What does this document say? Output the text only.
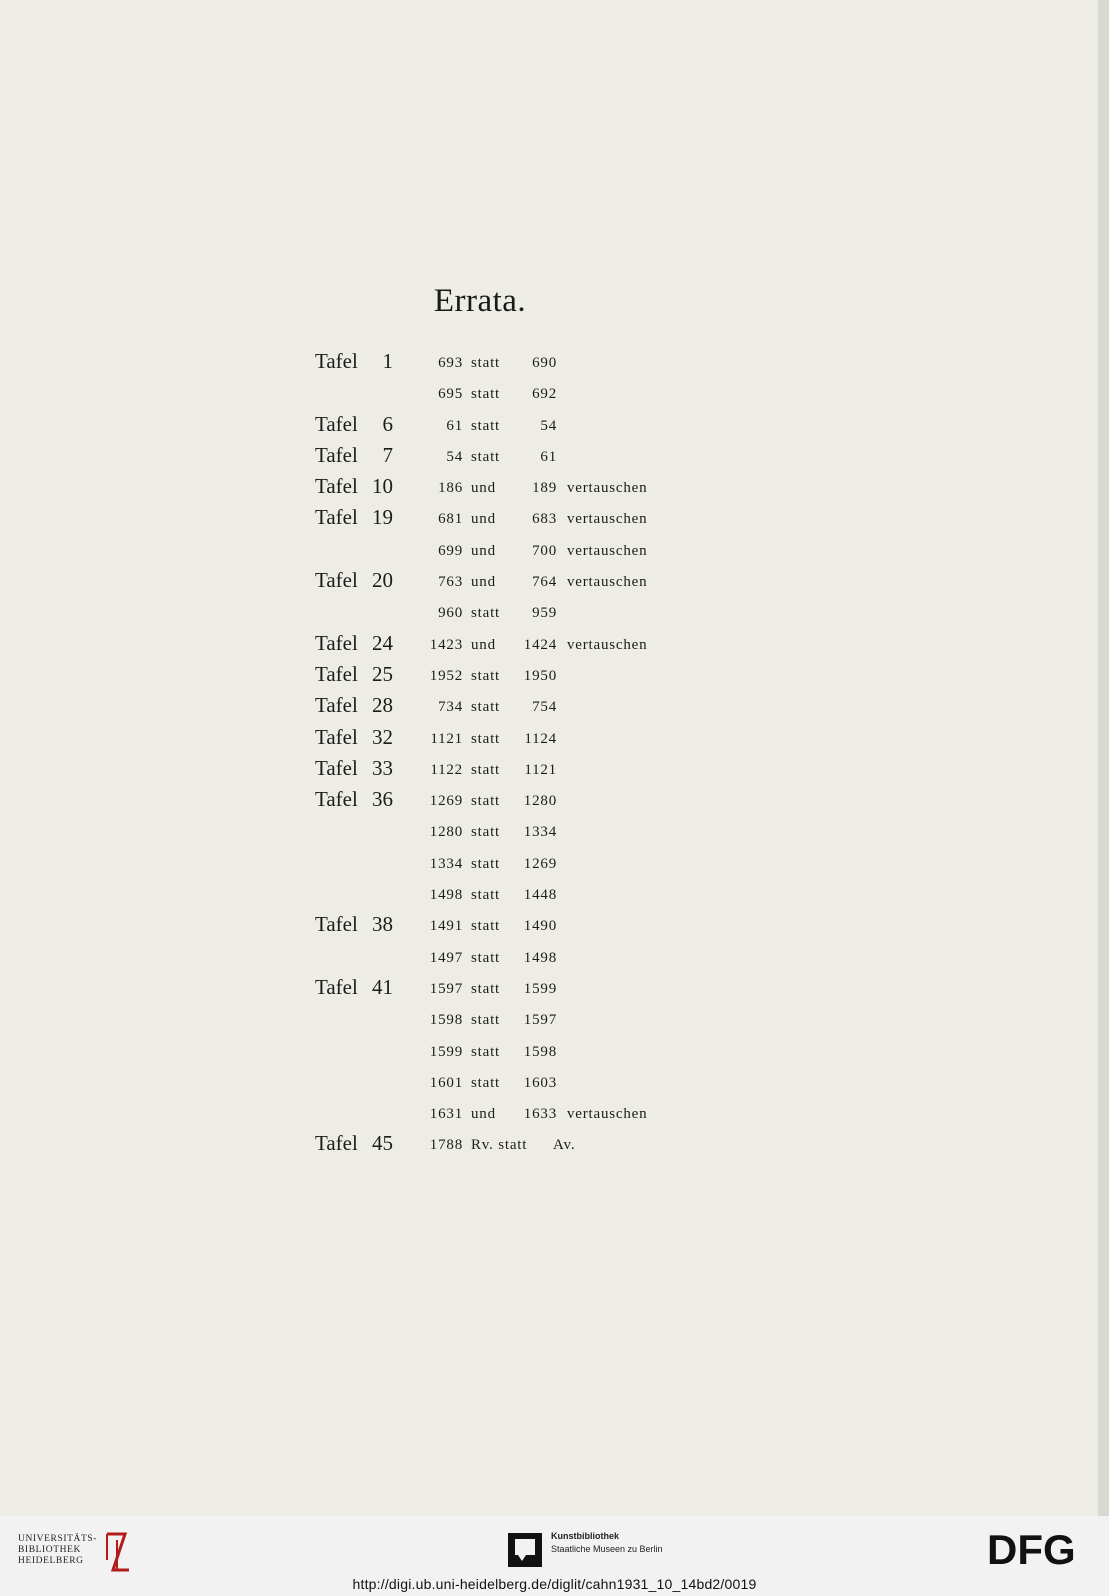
Errata.
Tafel	1	693 statt 690
695 statt 692
Tafel	6	61 statt	54
Tafel	7	54 statt	61
Tafel 10	186 und 189 vertauschen
Tafel 19	681 und 683 vertauschen
699 und 700 vertauschen
Tafel 20	763 und 764 vertauschen
960 statt 959
Tafel 24	1423 und 1424 vertauschen
Tafel 25	1952 statt 1950
Tafel 28	734 statt 754
Tafel 32	1121 statt 1124
Tafel 33	1122 statt 1121
Tafel 36	1269 statt 1280
1280 statt 1334
1334 statt 1269
1498 statt 1448
Tafel 38	1491 statt 1490
1497 statt 1498
Tafel 41	1597 statt 1599
1598 statt 1597
1599 statt 1598
1601 statt 1603
1631 und 1633 vertauschen
Tafel 45	1788 Rv. statt Av.
UNIVERSITÄTS-
BIBLIOTHEK
HEIDELBERG
Kunstbibliothek
Staatliche Museen zu Berlin	DFG
http://digi.ub.uni-heidelberg.de/diglit/cahn1931_10_14bd2/0019
